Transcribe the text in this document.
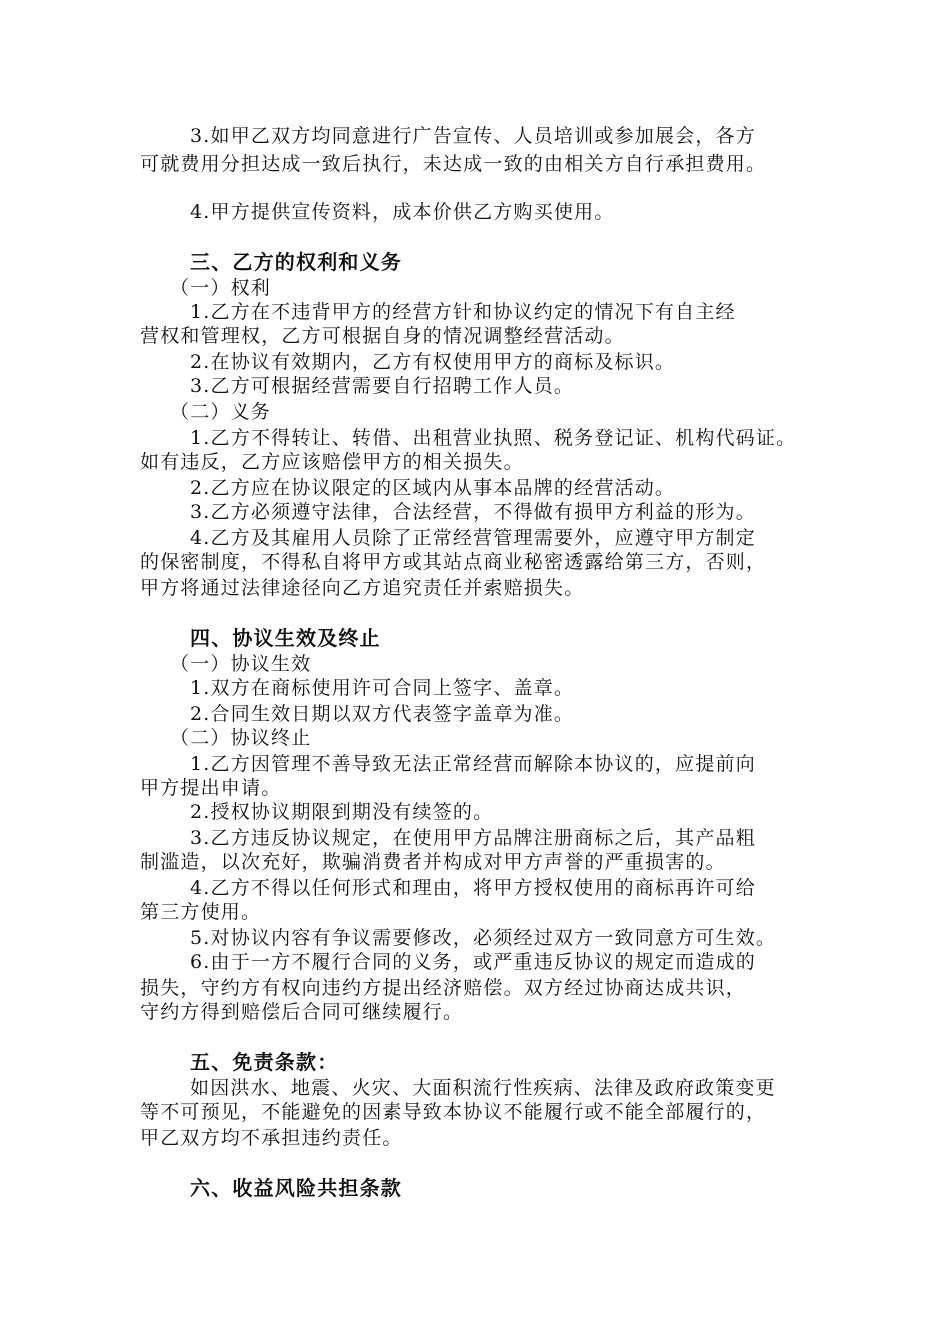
3.如甲乙双方均同意进行广告宣传、人员培训或参加展会，各方
可就费用分担达成一致后执行，未达成一致的由相关方自行承担费用。
4.甲方提供宣传资料，成本价供乙方购买使用。
三、乙方的权利和义务
（一）权利
1.乙方在不违背甲方的经营方针和协议约定的情况下有自主经
营权和管理权，乙方可根据自身的情况调整经营活动。
2.在协议有效期内，乙方有权使用甲方的商标及标识。
3.乙方可根据经营需要自行招聘工作人员。
（二）义务
1.乙方不得转让、转借、出租营业执照、税务登记证、机构代码证。
如有违反，乙方应该赔偿甲方的相关损失。
2.乙方应在协议限定的区域内从事本品牌的经营活动。
3.乙方必须遵守法律，合法经营，不得做有损甲方利益的形为。
4.乙方及其雇用人员除了正常经营管理需要外，应遵守甲方制定
的保密制度，不得私自将甲方或其站点商业秘密透露给第三方，否则，
甲方将通过法律途径向乙方追究责任并索赔损失。
四、协议生效及终止
（一）协议生效
1.双方在商标使用许可合同上签字、盖章。
2.合同生效日期以双方代表签字盖章为准。
（二）协议终止
1.乙方因管理不善导致无法正常经营而解除本协议的，应提前向
甲方提出申请。
2.授权协议期限到期没有续签的。
3.乙方违反协议规定，在使用甲方品牌注册商标之后，其产品粗
制滥造，以次充好，欺骗消费者并构成对甲方声誉的严重损害的。
4.乙方不得以任何形式和理由，将甲方授权使用的商标再许可给
第三方使用。
5.对协议内容有争议需要修改，必须经过双方一致同意方可生效。
6.由于一方不履行合同的义务，或严重违反协议的规定而造成的
损失，守约方有权向违约方提出经济赔偿。双方经过协商达成共识，
守约方得到赔偿后合同可继续履行。
五、免责条款：
如因洪水、地震、火灾、大面积流行性疾病、法律及政府政策变更
等不可预见，不能避免的因素导致本协议不能履行或不能全部履行的，
甲乙双方均不承担违约责任。
六、收益风险共担条款
